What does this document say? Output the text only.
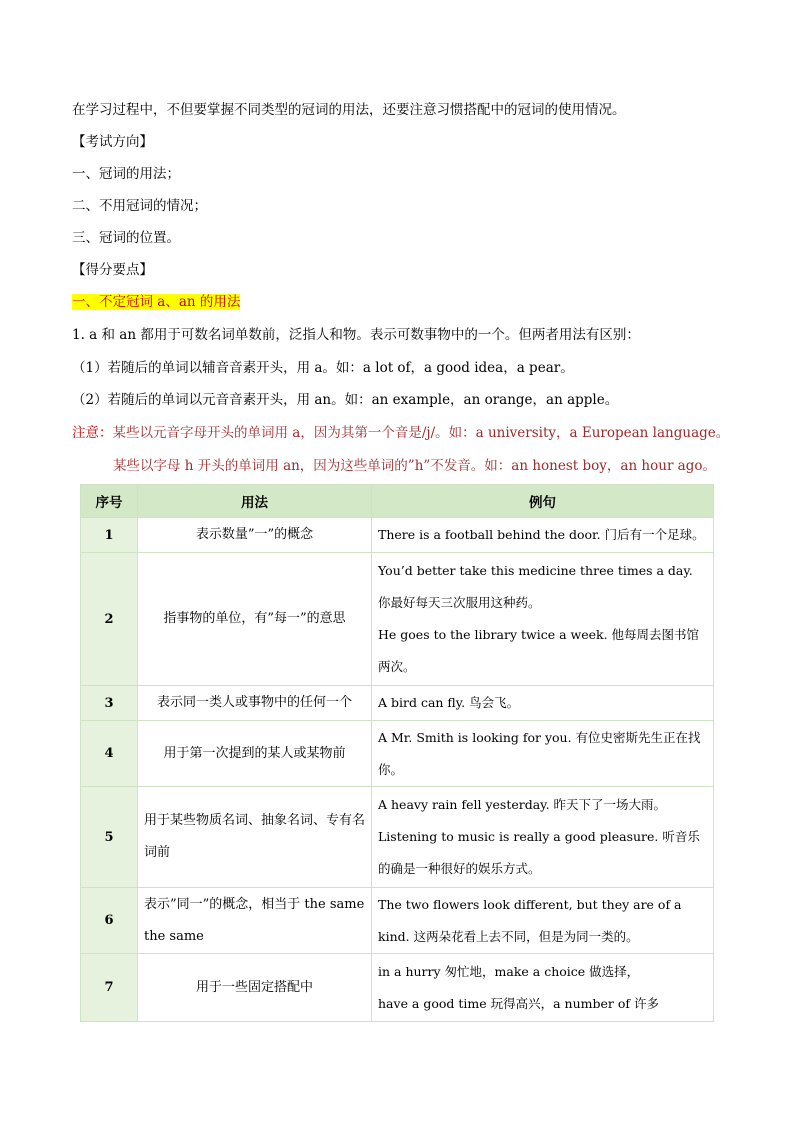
在学习过程中，不但要掌握不同类型的冠词的用法，还要注意习惯搭配中的冠词的使用情况。
【考试方向】
一、冠词的用法；
二、不用冠词的情况；
三、冠词的位置。
【得分要点】
一、不定冠词 a、an 的用法
1. a 和 an 都用于可数名词单数前，泛指人和物。表示可数事物中的一个。但两者用法有区别：
（1）若随后的单词以辅音音素开头，用 a。如：a lot of，a good idea，a pear。
（2）若随后的单词以元音音素开头，用 an。如：an example，an orange，an apple。
注意：某些以元音字母开头的单词用 a，因为其第一个音是/j/。如：a university，a European language。
某些以字母 h 开头的单词用 an，因为这些单词的”h”不发音。如：an honest boy，an hour ago。
序号	用法	例句
1	表示数量”一”的概念	There is a football behind the door. 门后有一个足球。

2	指事物的单位，有”每一”的意思	You’d better take this medicine three times a day. 你最好每天三次服用这种药。
He goes to the library twice a week. 他每周去图书馆两次。

3	表示同一类人或事物中的任何一个	A bird can fly. 鸟会飞。

4	用于第一次提到的某人或某物前	A Mr. Smith is looking for you. 有位史密斯先生正在找你。

5	用于某些物质名词、抽象名词、专有名词前	A heavy rain fell yesterday. 昨天下了一场大雨。
Listening to music is really a good pleasure. 听音乐的确是一种很好的娱乐方式。

6	表示”同一”的概念，相当于 the same the same	The two flowers look different, but they are of a kind. 这两朵花看上去不同，但是为同一类的。

7	用于一些固定搭配中	in a hurry 匆忙地，make a choice 做选择，
have a good time 玩得高兴，a number of 许多
